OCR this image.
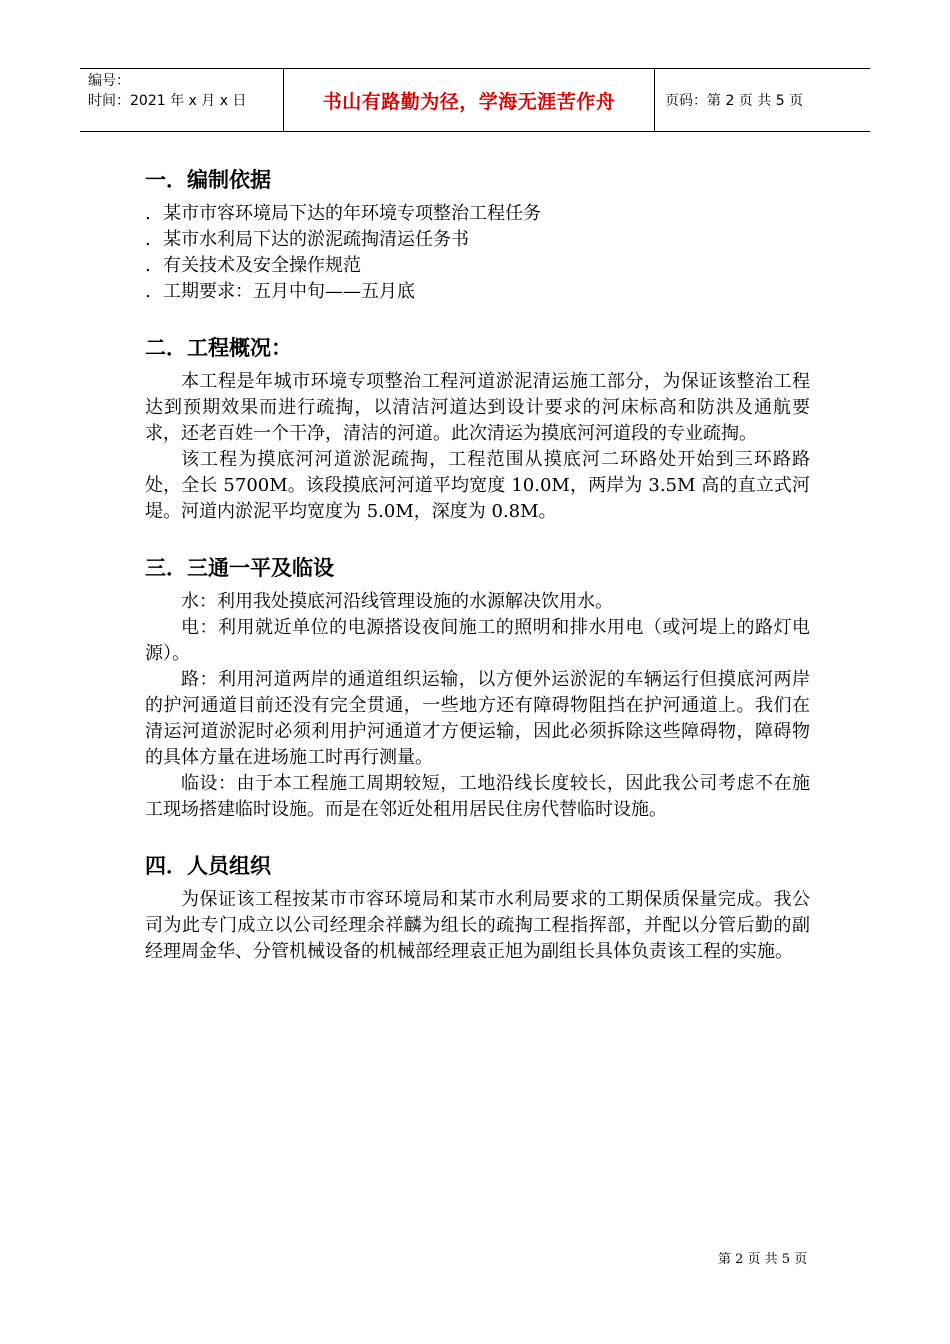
编号：
时间：2021 年 x 月 x 日	书山有路勤为径，学海无涯苦作舟	页码：第 2 页 共 5 页
一．编制依据
. 某市市容环境局下达的年环境专项整治工程任务
. 某市水利局下达的淤泥疏掏清运任务书
. 有关技术及安全操作规范
. 工期要求：五月中旬——五月底
二．工程概况：

本工程是年城市环境专项整治工程河道淤泥清运施工部分，为保证该整治工程达到预期效果而进行疏掏，以清洁河道达到设计要求的河床标高和防洪及通航要求，还老百姓一个干净，清洁的河道。此次清运为摸底河河道段的专业疏掏。

该工程为摸底河河道淤泥疏掏，工程范围从摸底河二环路处开始到三环路路处，全长 5700M。该段摸底河河道平均宽度 10.0M，两岸为 3.5M 高的直立式河堤。河道内淤泥平均宽度为 5.0M，深度为 0.8M。

三．三通一平及临设

水：利用我处摸底河沿线管理设施的水源解决饮用水。

电：利用就近单位的电源搭设夜间施工的照明和排水用电（或河堤上的路灯电源）。

路：利用河道两岸的通道组织运输，以方便外运淤泥的车辆运行但摸底河两岸的护河通道目前还没有完全贯通，一些地方还有障碍物阻挡在护河通道上。我们在清运河道淤泥时必须利用护河通道才方便运输，因此必须拆除这些障碍物，障碍物的具体方量在进场施工时再行测量。

临设：由于本工程施工周期较短，工地沿线长度较长，因此我公司考虑不在施工现场搭建临时设施。而是在邻近处租用居民住房代替临时设施。

四．人员组织

为保证该工程按某市市容环境局和某市水利局要求的工期保质保量完成。我公司为此专门成立以公司经理余祥麟为组长的疏掏工程指挥部，并配以分管后勤的副经理周金华、分管机械设备的机械部经理袁正旭为副组长具体负责该工程的实施。

第 2 页 共 5 页
